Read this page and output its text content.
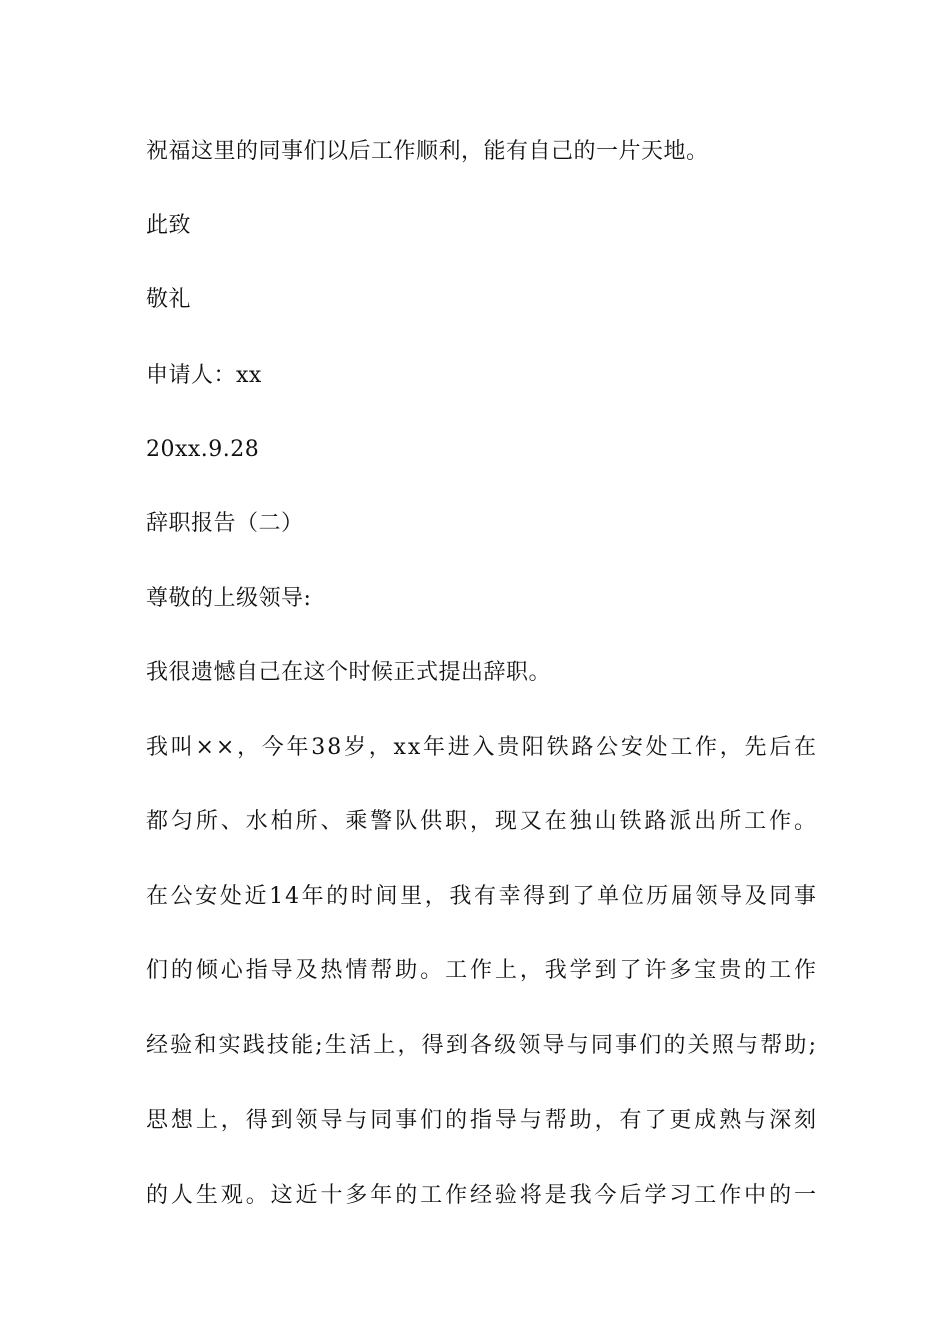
祝福这里的同事们以后工作顺利，能有自己的一片天地。
此致
敬礼
申请人：xx
20xx.9.28
辞职报告（二）
尊敬的上级领导:
我很遗憾自己在这个时候正式提出辞职。
我叫××，今年38岁，xx年进入贵阳铁路公安处工作，先后在
都匀所、水柏所、乘警队供职，现又在独山铁路派出所工作。
在公安处近14年的时间里，我有幸得到了单位历届领导及同事
们的倾心指导及热情帮助。工作上，我学到了许多宝贵的工作
经验和实践技能;生活上，得到各级领导与同事们的关照与帮助;
思想上，得到领导与同事们的指导与帮助，有了更成熟与深刻
的人生观。这近十多年的工作经验将是我今后学习工作中的一
